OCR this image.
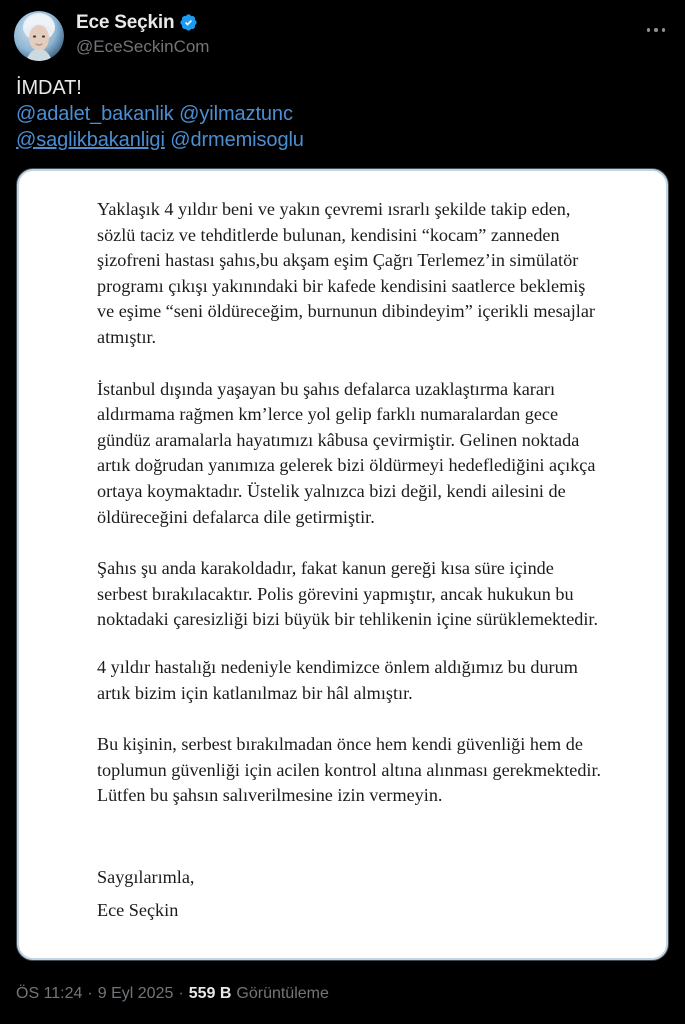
Ece Seçkin
@EceSeckinCom
İMDAT!
@adalet_bakanlik @yilmaztunc
@saglikbakanligi @drmemisoglu

Yaklaşık 4 yıldır beni ve yakın çevremi ısrarlı şekilde takip eden, sözlü taciz ve tehditlerde bulunan, kendisini “kocam” zanneden şizofreni hastası şahıs,bu akşam eşim Çağrı Terlemez’in simülatör programı çıkışı yakınındaki bir kafede kendisini saatlerce beklemiş ve eşime “seni öldüreceğim, burnunun dibindeyim” içerikli mesajlar atmıştır.

İstanbul dışında yaşayan bu şahıs defalarca uzaklaştırma kararı aldırmama rağmen km’lerce yol gelip farklı numaralardan gece gündüz aramalarla hayatımızı kâbusa çevirmiştir. Gelinen noktada artık doğrudan yanımıza gelerek bizi öldürmeyi hedeflediğini açıkça ortaya koymaktadır. Üstelik yalnızca bizi değil, kendi ailesini de öldüreceğini defalarca dile getirmiştir.

Şahıs şu anda karakoldadır, fakat kanun gereği kısa süre içinde serbest bırakılacaktır. Polis görevini yapmıştır, ancak hukukun bu noktadaki çaresizliği bizi büyük bir tehlikenin içine sürüklemektedir.

4 yıldır hastalığı nedeniyle kendimizce önlem aldığımız bu durum artık bizim için katlanılmaz bir hâl almıştır.

Bu kişinin, serbest bırakılmadan önce hem kendi güvenliği hem de toplumun güvenliği için acilen kontrol altına alınması gerekmektedir. Lütfen bu şahsın salıverilmesine izin vermeyin.

Saygılarımla,
Ece Seçkin
ÖS 11:24 · 9 Eyl 2025 · 559 B Görüntüleme
